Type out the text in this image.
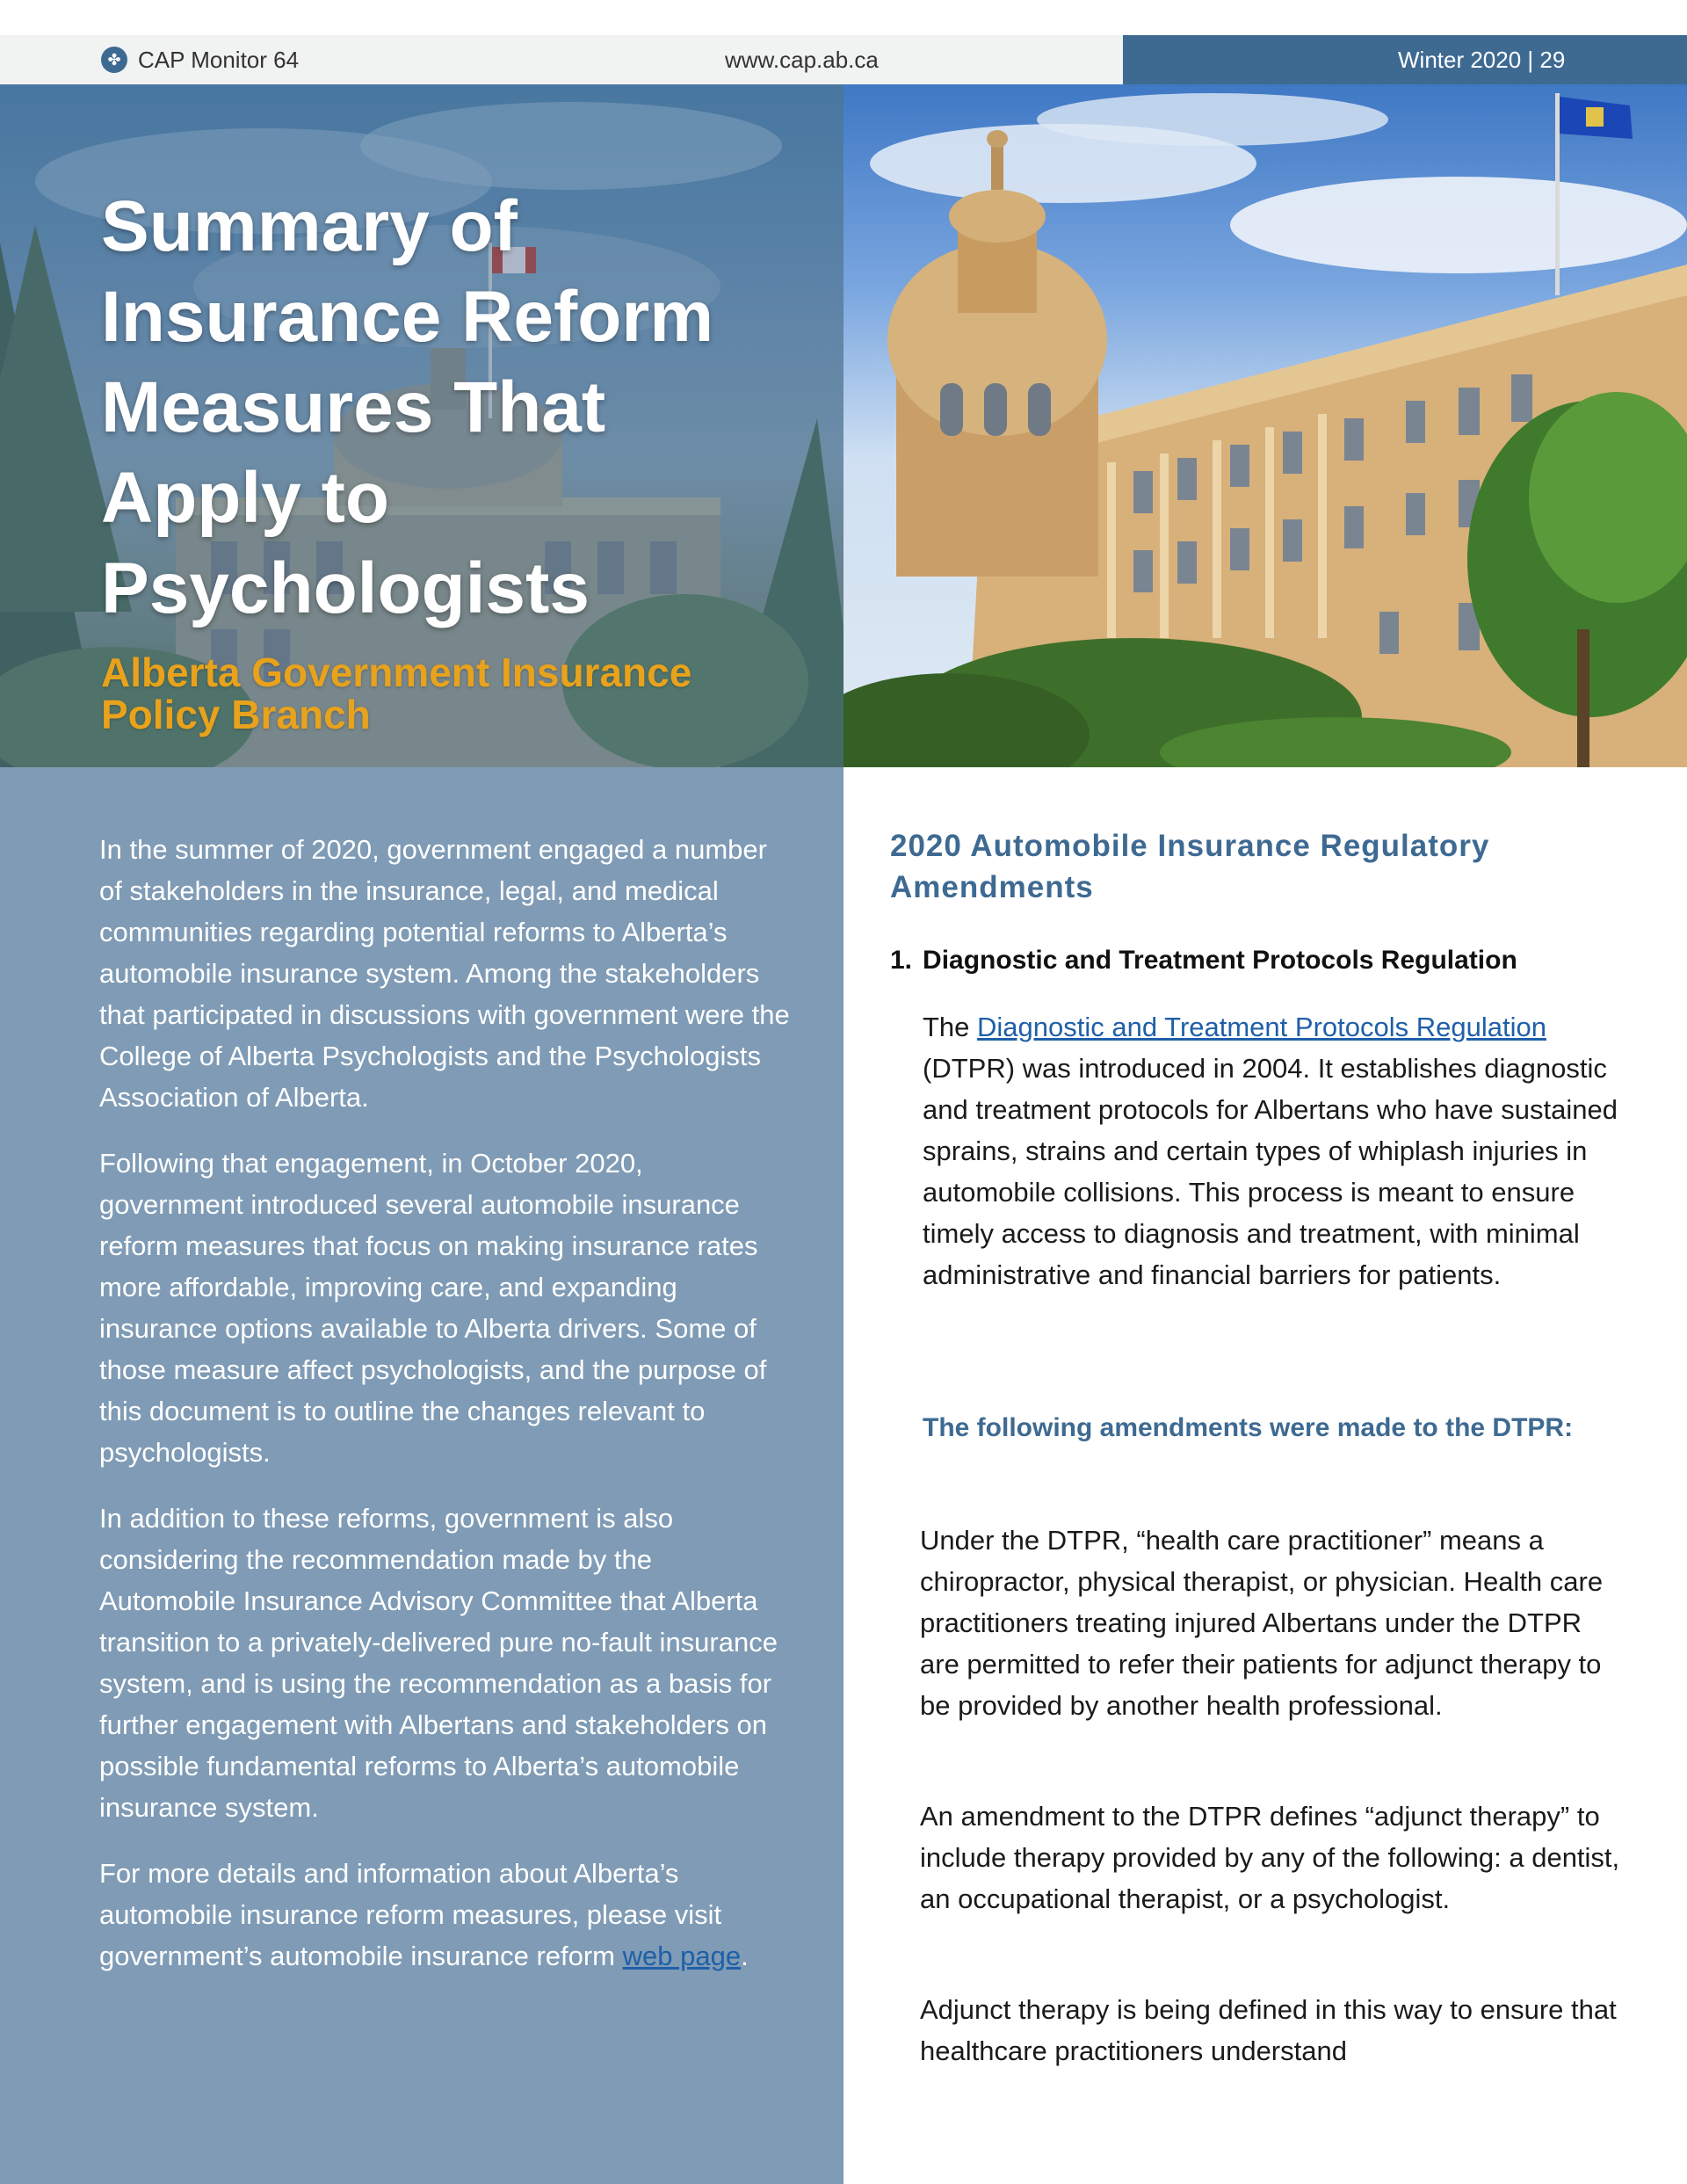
✤ CAP Monitor 64	www.cap.ab.ca	Winter 2020 | 29
Summary of Insurance Reform Measures That Apply to Psychologists
Alberta Government Insurance Policy Branch

In the summer of 2020, government engaged a number of stakeholders in the insurance, legal, and medical communities regarding potential reforms to Alberta’s automobile insurance system. Among the stakeholders that participated in discussions with government were the College of Alberta Psychologists and the Psychologists Association of Alberta.

Following that engagement, in October 2020, government introduced several automobile insurance reform measures that focus on making insurance rates more affordable, improving care, and expanding insurance options available to Alberta drivers. Some of those measure affect psychologists, and the purpose of this document is to outline the changes relevant to psychologists.

In addition to these reforms, government is also considering the recommendation made by the Automobile Insurance Advisory Committee that Alberta transition to a privately-delivered pure no-fault insurance system, and is using the recommendation as a basis for further engagement with Albertans and stakeholders on possible fundamental reforms to Alberta’s automobile insurance system.

For more details and information about Alberta’s automobile insurance reform measures, please visit government’s automobile insurance reform web page.

2020 Automobile Insurance Regulatory Amendments
1. Diagnostic and Treatment Protocols Regulation

The Diagnostic and Treatment Protocols Regulation (DTPR) was introduced in 2004. It establishes diagnostic and treatment protocols for Albertans who have sustained sprains, strains and certain types of whiplash injuries in automobile collisions. This process is meant to ensure timely access to diagnosis and treatment, with minimal administrative and financial barriers for patients.

The following amendments were made to the DTPR:

Under the DTPR, “health care practitioner” means a chiropractor, physical therapist, or physician. Health care practitioners treating injured Albertans under the DTPR are permitted to refer their patients for adjunct therapy to be provided by another health professional.

An amendment to the DTPR defines “adjunct therapy” to include therapy provided by any of the following: a dentist, an occupational therapist, or a psychologist.

Adjunct therapy is being defined in this way to ensure that healthcare practitioners understand
